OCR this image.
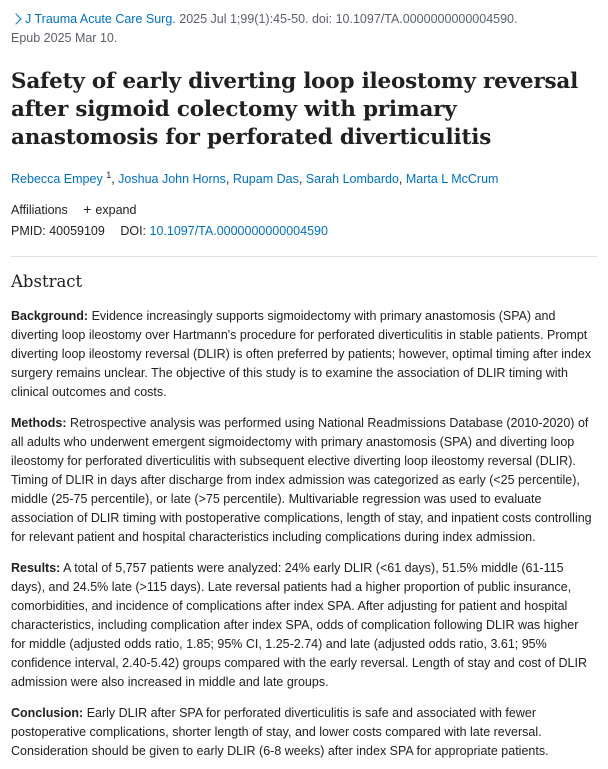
J Trauma Acute Care Surg. 2025 Jul 1;99(1):45-50. doi: 10.1097/TA.0000000000004590.
Epub 2025 Mar 10.
Safety of early diverting loop ileostomy reversal after sigmoid colectomy with primary anastomosis for perforated diverticulitis
Rebecca Empey $^1$, Joshua John Horns, Rupam Das, Sarah Lombardo, Marta L McCrum
Affiliations + expand
PMID: 40059109 DOI: 10.1097/TA.0000000000004590
Abstract

Background: Evidence increasingly supports sigmoidectomy with primary anastomosis (SPA) and diverting loop ileostomy over Hartmann's procedure for perforated diverticulitis in stable patients. Prompt diverting loop ileostomy reversal (DLIR) is often preferred by patients; however, optimal timing after index surgery remains unclear. The objective of this study is to examine the association of DLIR timing with clinical outcomes and costs.

Methods: Retrospective analysis was performed using National Readmissions Database (2010-2020) of all adults who underwent emergent sigmoidectomy with primary anastomosis (SPA) and diverting loop ileostomy for perforated diverticulitis with subsequent elective diverting loop ileostomy reversal (DLIR). Timing of DLIR in days after discharge from index admission was categorized as early (<25 percentile), middle (25-75 percentile), or late (>75 percentile). Multivariable regression was used to evaluate association of DLIR timing with postoperative complications, length of stay, and inpatient costs controlling for relevant patient and hospital characteristics including complications during index admission.

Results: A total of 5,757 patients were analyzed: 24% early DLIR (<61 days), 51.5% middle (61-115 days), and 24.5% late (>115 days). Late reversal patients had a higher proportion of public insurance, comorbidities, and incidence of complications after index SPA. After adjusting for patient and hospital characteristics, including complication after index SPA, odds of complication following DLIR was higher for middle (adjusted odds ratio, 1.85; 95% CI, 1.25-2.74) and late (adjusted odds ratio, 3.61; 95% confidence interval, 2.40-5.42) groups compared with the early reversal. Length of stay and cost of DLIR admission were also increased in middle and late groups.

Conclusion: Early DLIR after SPA for perforated diverticulitis is safe and associated with fewer postoperative complications, shorter length of stay, and lower costs compared with late reversal. Consideration should be given to early DLIR (6-8 weeks) after index SPA for appropriate patients.
